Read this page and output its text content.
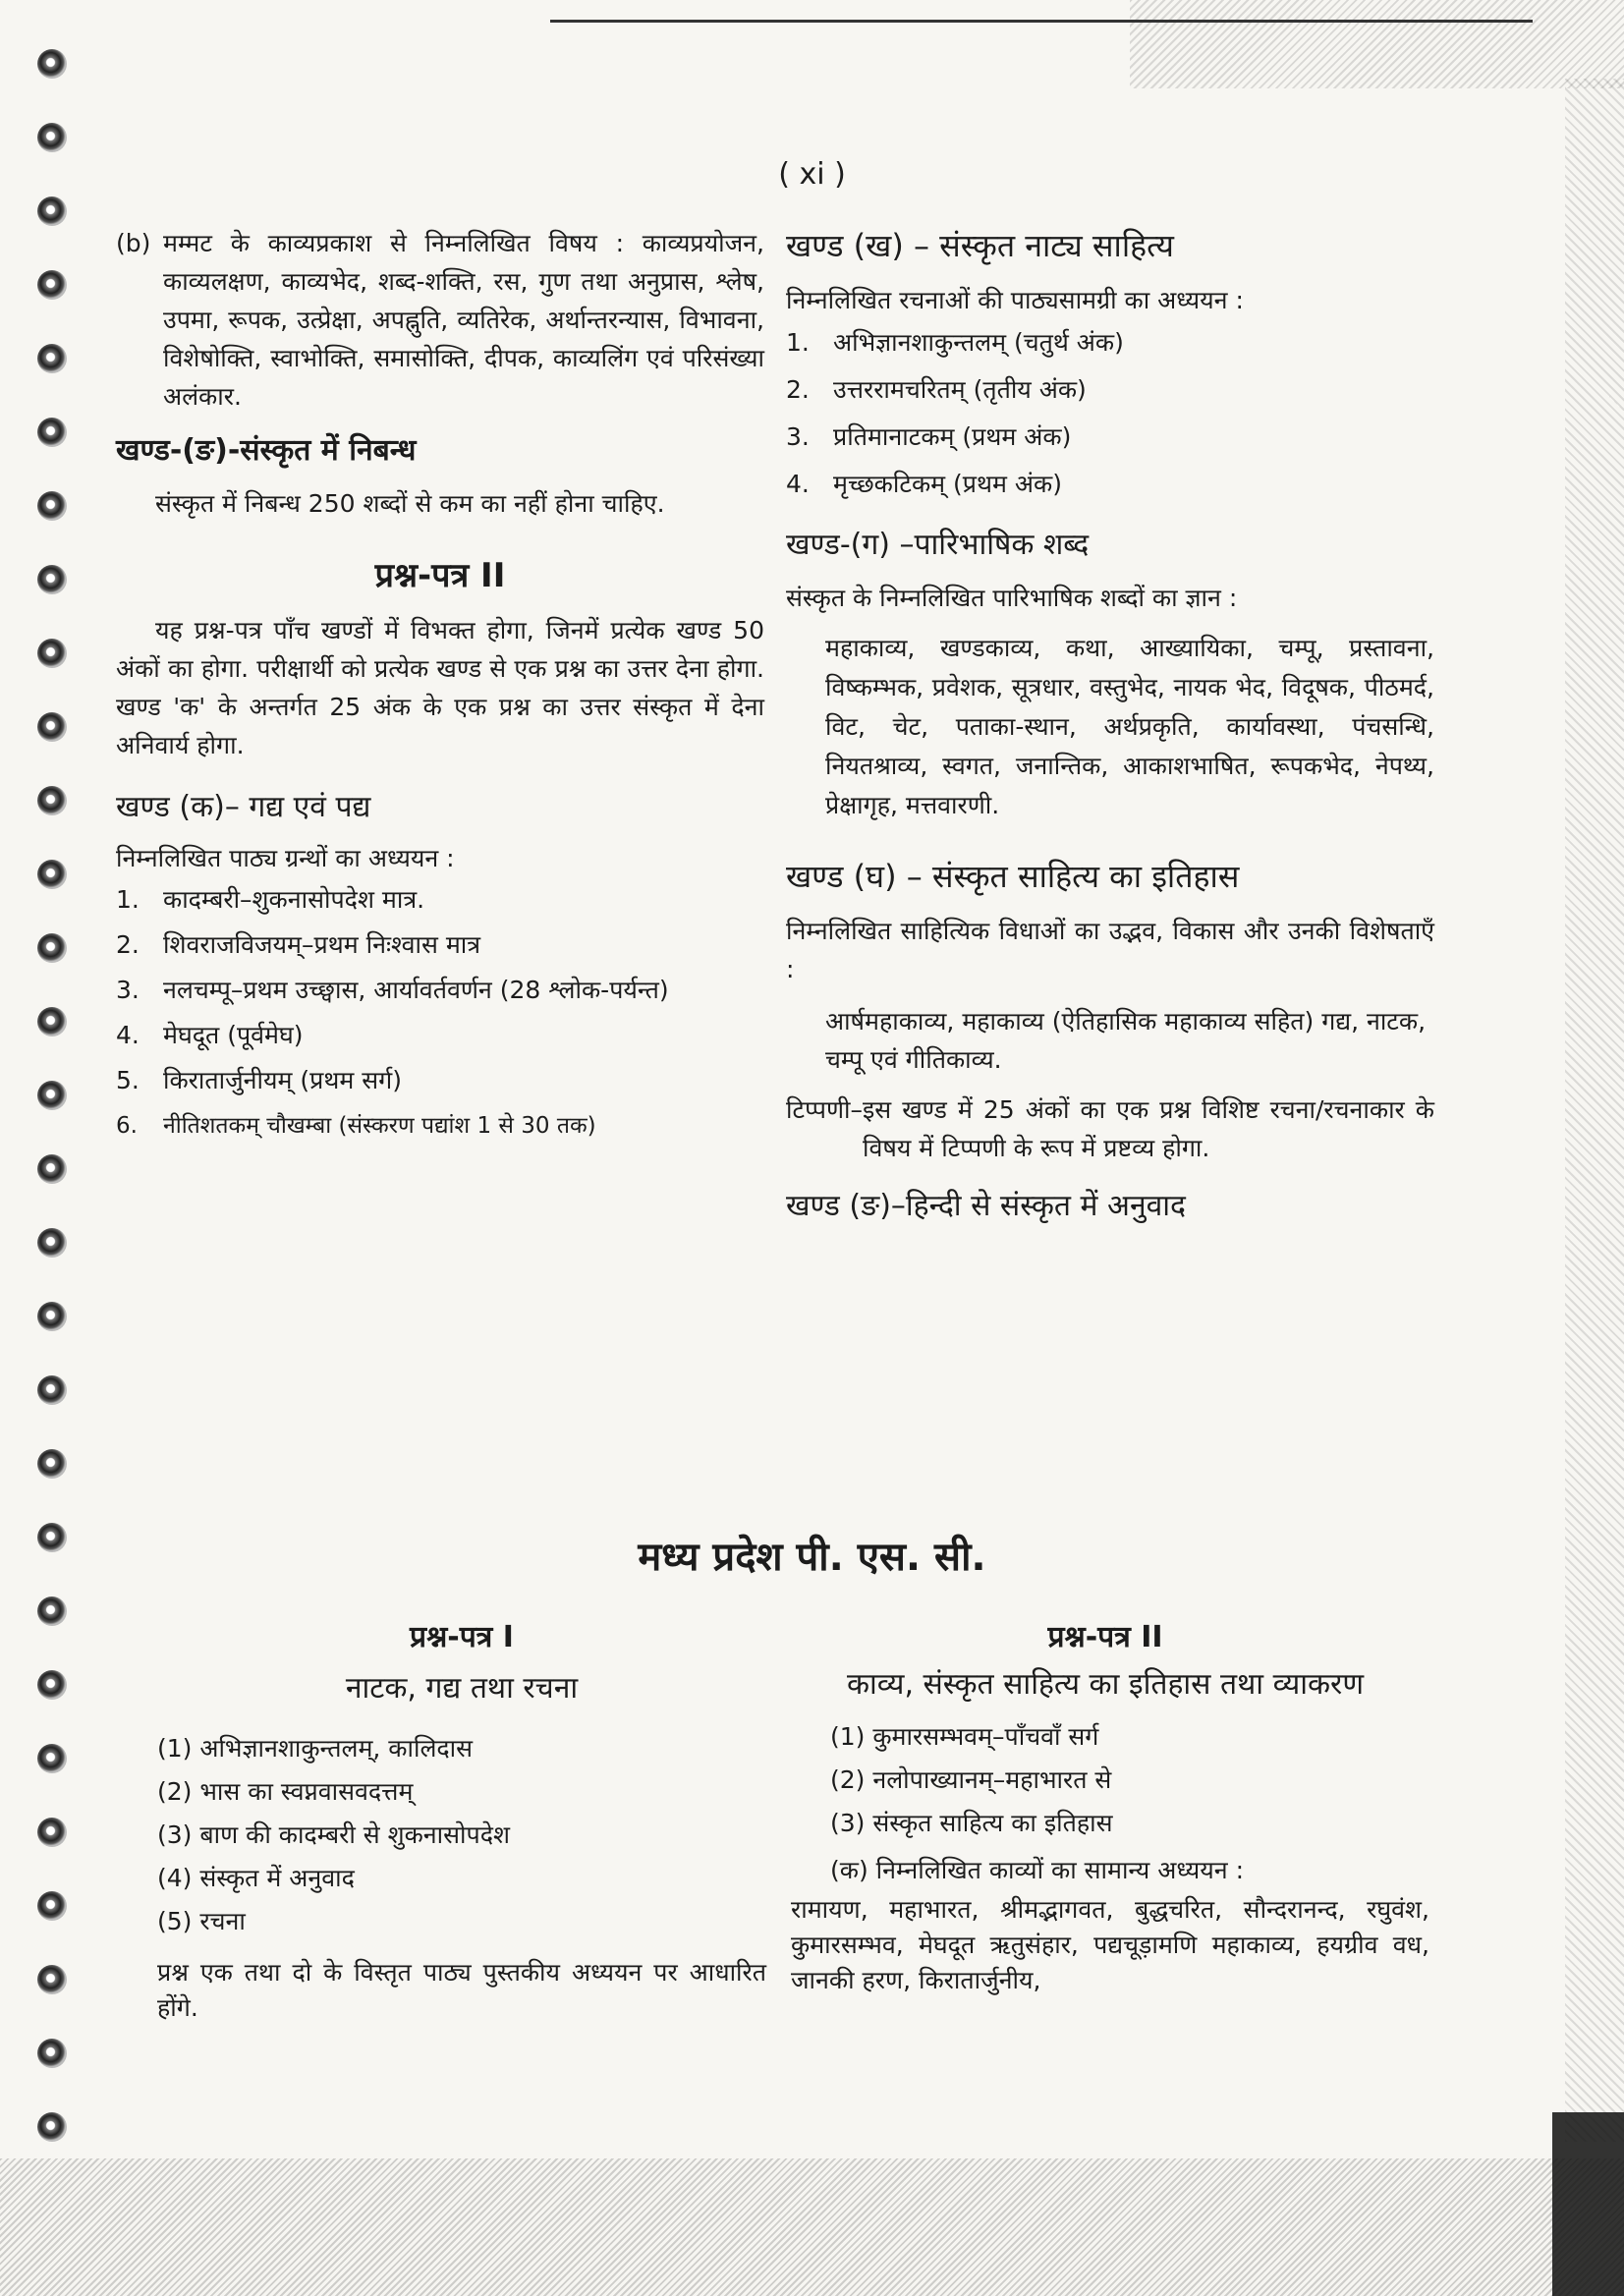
( xi )
(b) मम्मट के काव्यप्रकाश से निम्नलिखित विषय : काव्यप्रयोजन, काव्यलक्षण, काव्यभेद, शब्द-शक्ति, रस, गुण तथा अनुप्रास, श्लेष, उपमा, रूपक, उत्प्रेक्षा, अपह्नुति, व्यतिरेक, अर्थान्तरन्यास, विभावना, विशेषोक्ति, स्वाभोक्ति, समासोक्ति, दीपक, काव्यलिंग एवं परिसंख्या अलंकार.

खण्ड-(ङ)-संस्कृत में निबन्ध

संस्कृत में निबन्ध 250 शब्दों से कम का नहीं होना चाहिए.

प्रश्न-पत्र II

यह प्रश्न-पत्र पाँच खण्डों में विभक्त होगा, जिनमें प्रत्येक खण्ड 50 अंकों का होगा. परीक्षार्थी को प्रत्येक खण्ड से एक प्रश्न का उत्तर देना होगा. खण्ड 'क' के अन्तर्गत 25 अंक के एक प्रश्न का उत्तर संस्कृत में देना अनिवार्य होगा.

खण्ड (क)– गद्य एवं पद्य

निम्नलिखित पाठ्य ग्रन्थों का अध्ययन :

1. कादम्बरी–शुकनासोपदेश मात्र.
2. शिवराजविजयम्–प्रथम निःश्वास मात्र
3. नलचम्पू–प्रथम उच्छ्वास, आर्यावर्तवर्णन (28 श्लोक-पर्यन्त)
4. मेघदूत (पूर्वमेघ)
5. किरातार्जुनीयम् (प्रथम सर्ग)
6.	नीतिशतकम् चौखम्बा (संस्करण पद्यांश 1 से 30 तक)

खण्ड (ख) – संस्कृत नाट्य साहित्य

निम्नलिखित रचनाओं की पाठ्यसामग्री का अध्ययन :

1. अभिज्ञानशाकुन्तलम् (चतुर्थ अंक)
2. उत्तररामचरितम् (तृतीय अंक)
3. प्रतिमानाटकम् (प्रथम अंक)
4. मृच्छकटिकम् (प्रथम अंक)

खण्ड-(ग) –पारिभाषिक शब्द

संस्कृत के निम्नलिखित पारिभाषिक शब्दों का ज्ञान :

महाकाव्य, खण्डकाव्य, कथा, आख्यायिका, चम्पू, प्रस्तावना, विष्कम्भक, प्रवेशक, सूत्रधार, वस्तुभेद, नायक भेद, विदूषक, पीठमर्द, विट, चेट, पताका-स्थान, अर्थप्रकृति, कार्यावस्था, पंचसन्धि, नियतश्राव्य, स्वगत, जनान्तिक, आकाशभाषित, रूपकभेद, नेपथ्य, प्रेक्षागृह, मत्तवारणी.

खण्ड (घ) – संस्कृत साहित्य का इतिहास

निम्नलिखित साहित्यिक विधाओं का उद्भव, विकास और उनकी विशेषताएँ :

आर्षमहाकाव्य, महाकाव्य (ऐतिहासिक महाकाव्य सहित) गद्य, नाटक, चम्पू एवं गीतिकाव्य.

टिप्पणी– इस खण्ड में 25 अंकों का एक प्रश्न विशिष्ट रचना/रचनाकार के विषय में टिप्पणी के रूप में प्रष्टव्य होगा.

खण्ड (ङ)–हिन्दी से संस्कृत में अनुवाद

मध्य प्रदेश पी. एस. सी.

प्रश्न-पत्र I

नाटक, गद्य तथा रचना

(1) अभिज्ञानशाकुन्तलम्, कालिदास

(2) भास का स्वप्नवासवदत्तम्

(3) बाण की कादम्बरी से शुकनासोपदेश

(4) संस्कृत में अनुवाद

(5) रचना

प्रश्न एक तथा दो के विस्तृत पाठ्य पुस्तकीय अध्ययन पर आधारित होंगे.

प्रश्न-पत्र II

काव्य, संस्कृत साहित्य का इतिहास तथा व्याकरण

(1) कुमारसम्भवम्–पाँचवाँ सर्ग

(2) नलोपाख्यानम्–महाभारत से

(3) संस्कृत साहित्य का इतिहास

(क) निम्नलिखित काव्यों का सामान्य अध्ययन :

रामायण, महाभारत, श्रीमद्भागवत, बुद्धचरित, सौन्दरानन्द, रघुवंश, कुमारसम्भव, मेघदूत ऋतुसंहार, पद्यचूड़ामणि महाकाव्य, हयग्रीव वध, जानकी हरण, किरातार्जुनीय,
